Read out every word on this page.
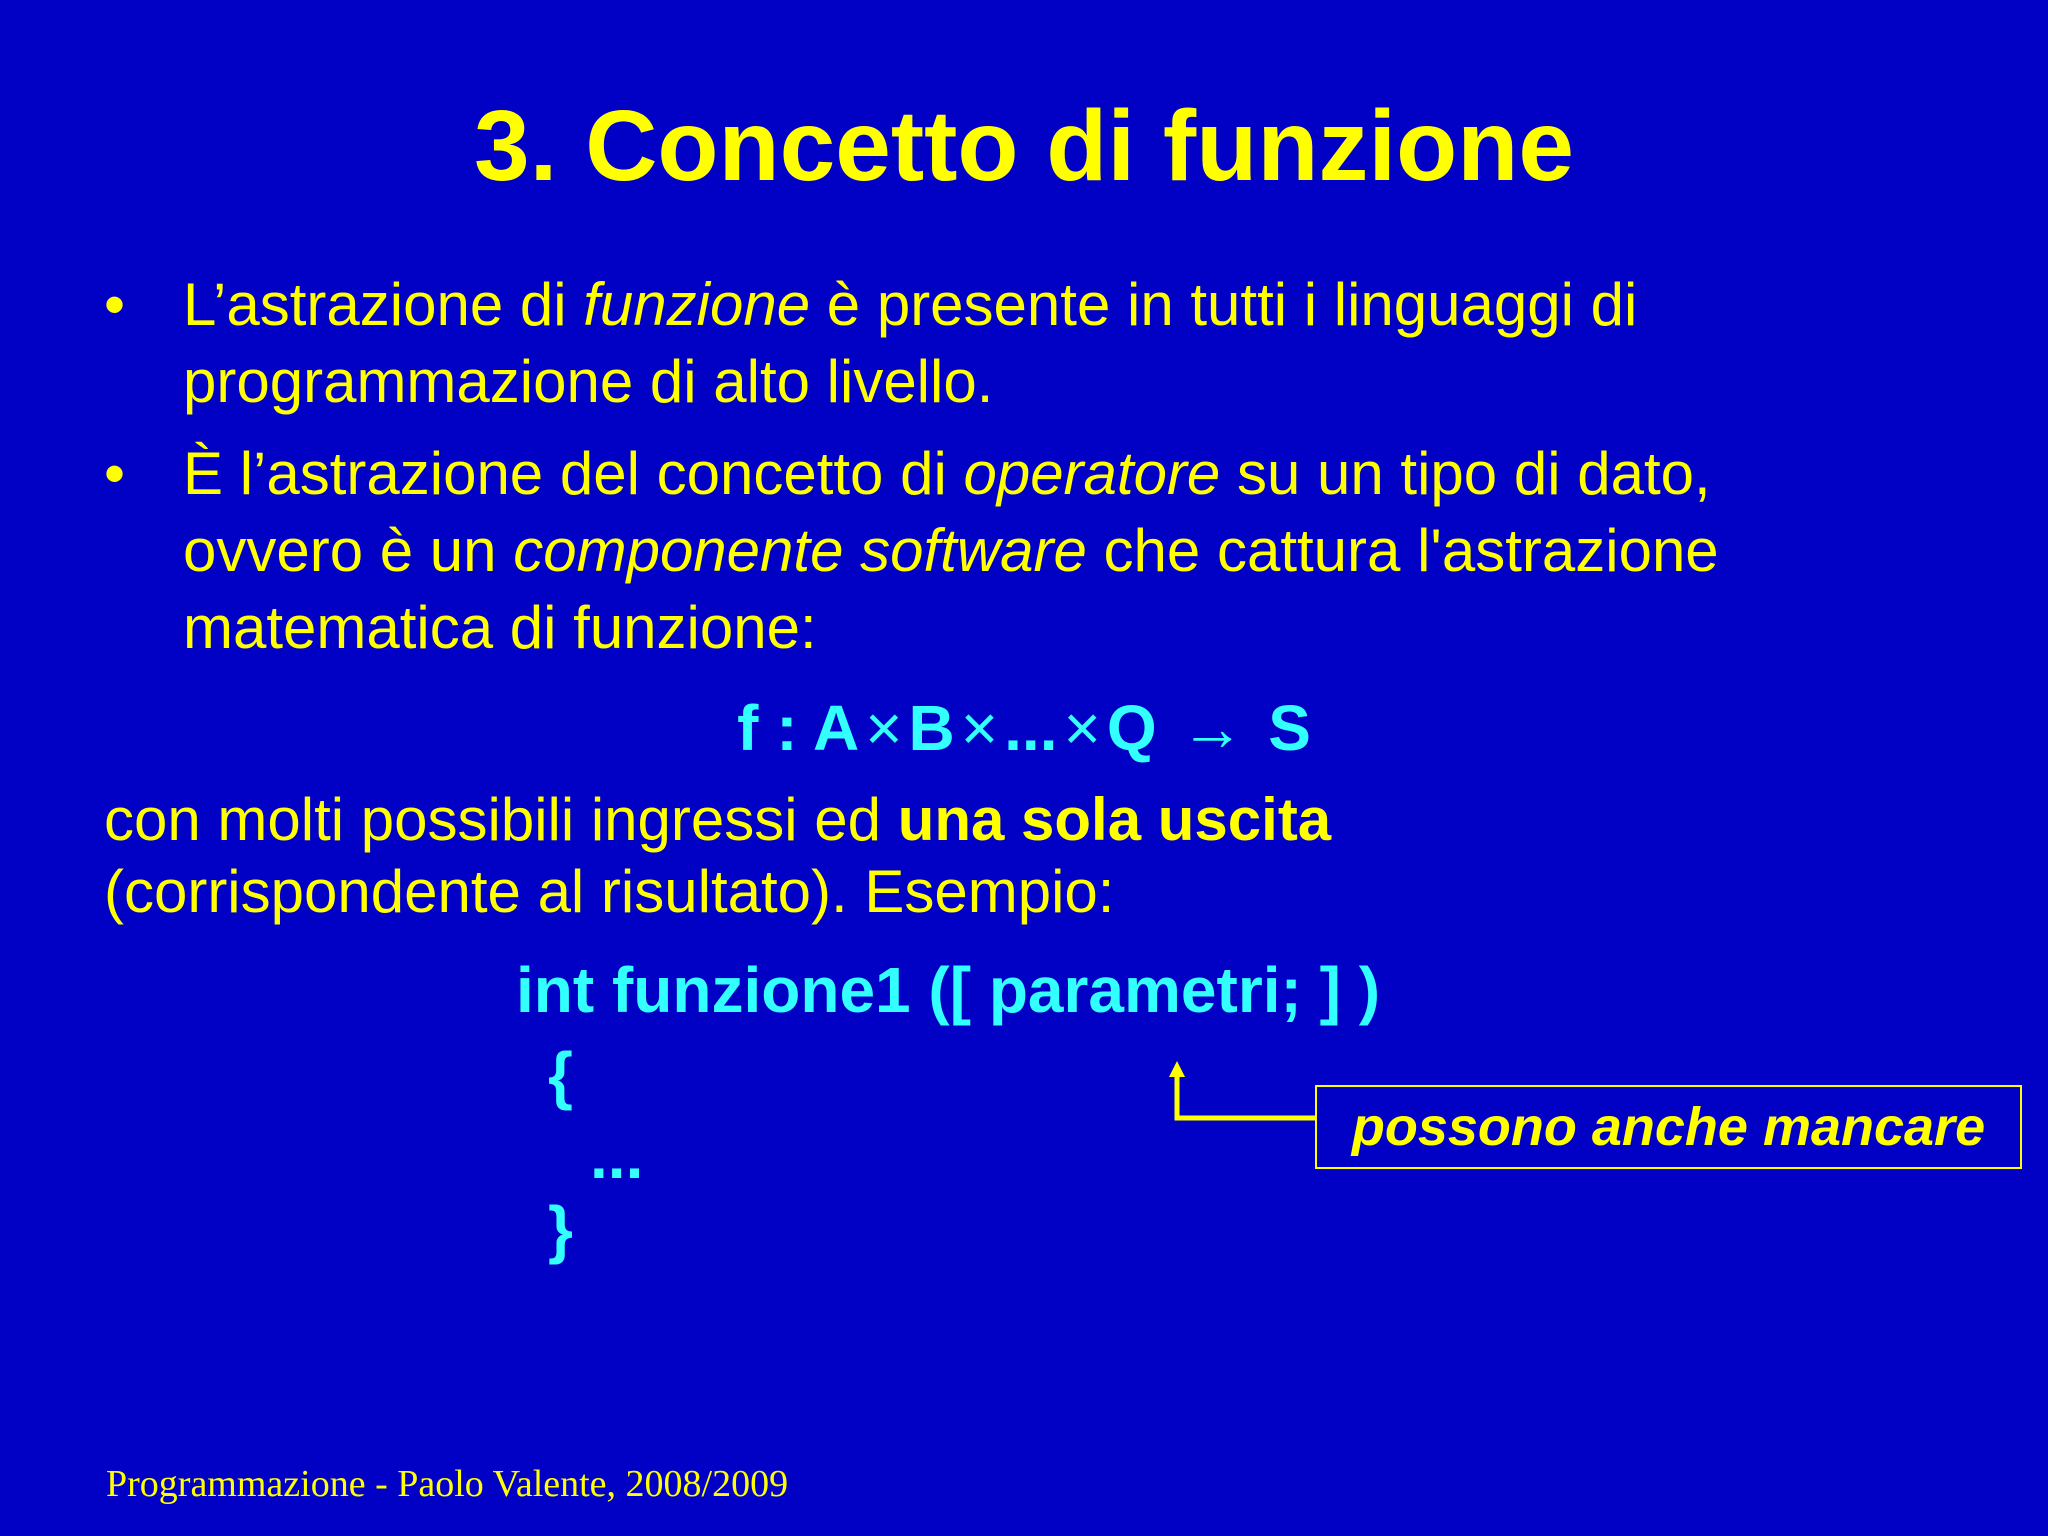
3. Concetto di funzione
• L’astrazione di funzione è presente in tutti i linguaggi di
programmazione di alto livello.
• È l’astrazione del concetto di operatore su un tipo di dato,
ovvero è un componente software che cattura l'astrazione
matematica di funzione:
f : A×B×...×Q → S
con molti possibili ingressi ed una sola uscita
(corrispondente al risultato). Esempio:
int funzione1 ([ parametri; ] )
{
...
}
possono anche mancare
Programmazione - Paolo Valente, 2008/2009
